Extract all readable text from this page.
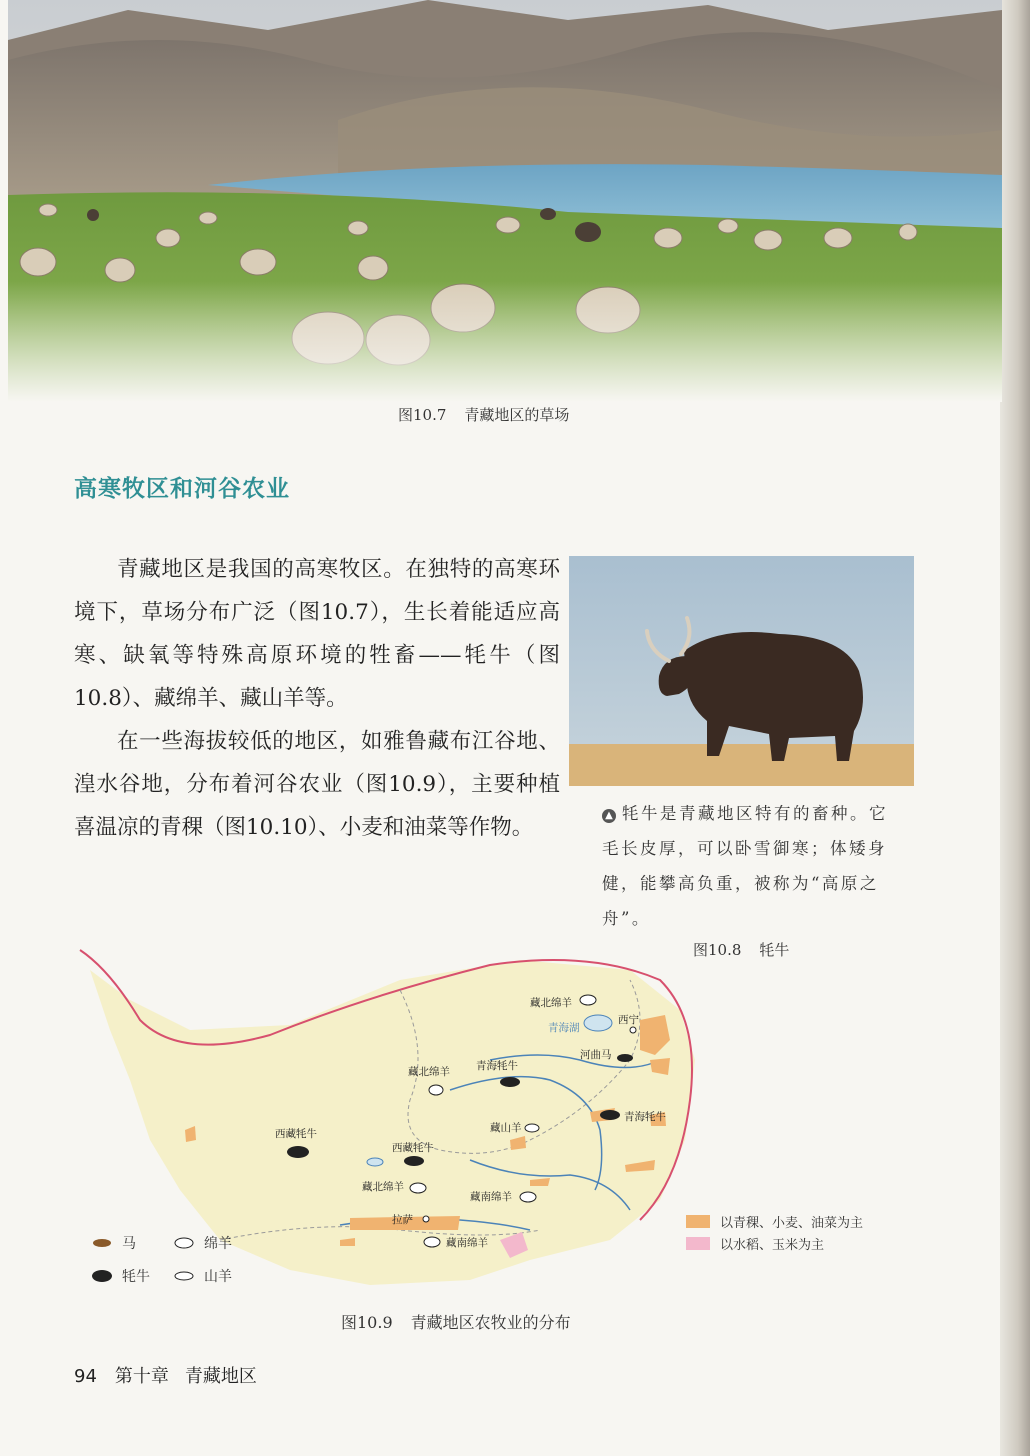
图10.7 青藏地区的草场
高寒牧区和河谷农业

青藏地区是我国的高寒牧区。在独特的高寒环境下，草场分布广泛（图10.7），生长着能适应高寒、缺氧等特殊高原环境的牲畜——牦牛（图10.8）、藏绵羊、藏山羊等。

在一些海拔较低的地区，如雅鲁藏布江谷地、湟水谷地，分布着河谷农业（图10.9），主要种植喜温凉的青稞（图10.10）、小麦和油菜等作物。	▲ 牦牛是青藏地区特有的畜种。它毛长皮厚，可以卧雪御寒；体矮身健，能攀高负重，被称为“高原之舟”。
图10.8 牦牛
藏北绵羊
青海湖
西宁
河曲马
青海牦牛
藏北绵羊
青海牦牛
藏山羊
西藏牦牛
西藏牦牛
藏北绵羊
藏南绵羊
拉萨
藏南绵羊
以青稞、小麦、油菜为主
以水稻、玉米为主
马	绵羊
牦牛	山羊
图10.9 青藏地区农牧业的分布
94 第十章 青藏地区
